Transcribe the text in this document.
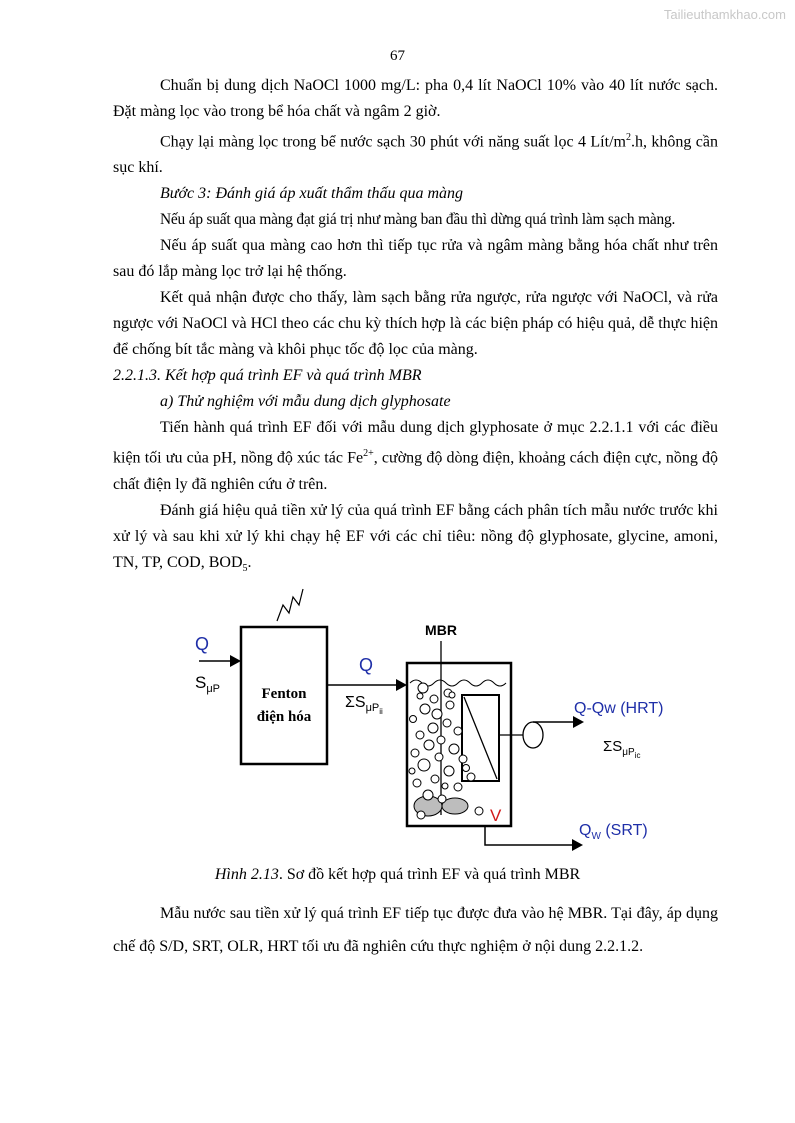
Tailieuthamkhao.com
67

Chuẩn bị dung dịch NaOCl 1000 mg/L: pha 0,4 lít NaOCl 10% vào 40 lít nước sạch. Đặt màng lọc vào trong bể hóa chất và ngâm 2 giờ.

Chạy lại màng lọc trong bể nước sạch 30 phút với năng suất lọc 4 Lít/$m^2.h$, không cần sục khí.

Bước 3: Đánh giá áp xuất thẩm thấu qua màng

Nếu áp suất qua màng đạt giá trị như màng ban đầu thì dừng quá trình làm sạch màng.

Nếu áp suất qua màng cao hơn thì tiếp tục rửa và ngâm màng bằng hóa chất như trên sau đó lắp màng lọc trở lại hệ thống.

Kết quả nhận được cho thấy, làm sạch bằng rửa ngược, rửa ngược với NaOCl, và rửa ngược với NaOCl và HCl theo các chu kỳ thích hợp là các biện pháp có hiệu quả, dễ thực hiện để chống bít tắc màng và khôi phục tốc độ lọc của màng.

2.2.1.3. Kết hợp quá trình EF và quá trình MBR

a) Thử nghiệm với mẫu dung dịch glyphosate

Tiến hành quá trình EF đối với mẫu dung dịch glyphosate ở mục 2.2.1.1 với các điều kiện tối ưu của pH, nồng độ xúc tác $Fe^{2+}$, cường độ dòng điện, khoảng cách điện cực, nồng độ chất điện ly đã nghiên cứu ở trên.

Đánh giá hiệu quả tiền xử lý của quá trình EF bằng cách phân tích mẫu nước trước khi xử lý và sau khi xử lý khi chạy hệ EF với các chỉ tiêu: nồng độ glyphosate, glycine, amoni, TN, TP, COD, $BOD_5$.

Fenton
điện hóa
Q
$S_{\mu P}$
Q
$\Sigma S_{\mu P}ii$
MBR
V
Q-Qw (HRT)
$\Sigma S_{\mu Pic}$
$Q_W$ (SRT)
Hình 2.13. Sơ đồ kết hợp quá trình EF và quá trình MBR

Mẫu nước sau tiền xử lý quá trình EF tiếp tục được đưa vào hệ MBR. Tại đây, áp dụng chế độ S/D, SRT, OLR, HRT tối ưu đã nghiên cứu thực nghiệm ở nội dung 2.2.1.2.
